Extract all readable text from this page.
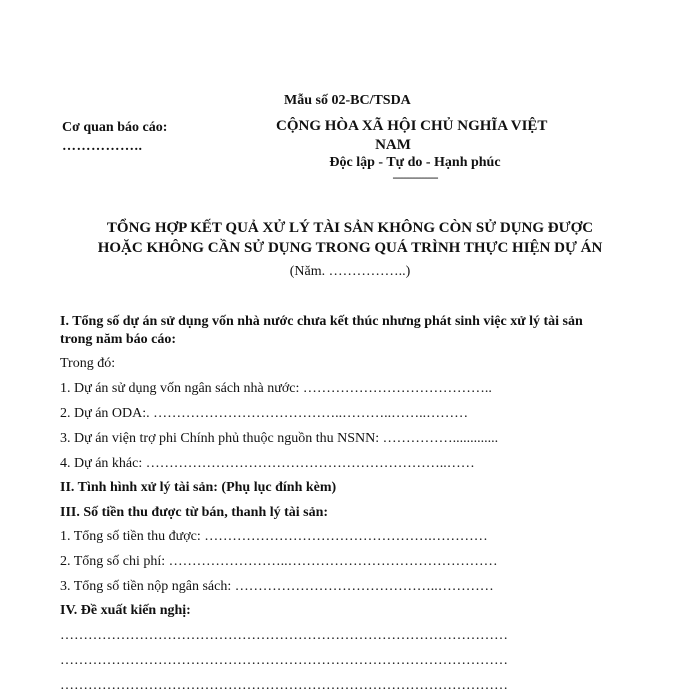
Mẫu số 02-BC/TSDA
Cơ quan báo cáo:
……………..
CỘNG HÒA XÃ HỘI CHỦ NGHĨA VIỆT
NAM
Độc lập - Tự do - Hạnh phúc
---------------
TỔNG HỢP KẾT QUẢ XỬ LÝ TÀI SẢN KHÔNG CÒN SỬ DỤNG ĐƯỢC
HOẶC KHÔNG CẦN SỬ DỤNG TRONG QUÁ TRÌNH THỰC HIỆN DỰ ÁN
(Năm. ……………..)
I. Tổng số dự án sử dụng vốn nhà nước chưa kết thúc nhưng phát sinh việc xử lý tài sản
trong năm báo cáo:
Trong đó:
1. Dự án sử dụng vốn ngân sách nhà nước: …………………………………..
2. Dự án ODA:. …………………………………..………..……..………
3. Dự án viện trợ phi Chính phủ thuộc nguồn thu NSNN: …………….............
4. Dự án khác: ………………………………………………………..……
II. Tình hình xử lý tài sản: (Phụ lục đính kèm)
III. Số tiền thu được từ bán, thanh lý tài sản:
1. Tổng số tiền thu được: ………………………………………….…………
2. Tổng số chi phí: ……………………..………………………………………
3. Tổng số tiền nộp ngân sách: ……………………………………..…………
IV. Đề xuất kiến nghị:
……………………………………………………………………………………
……………………………………………………………………………………
……………………………………………………………………………………
